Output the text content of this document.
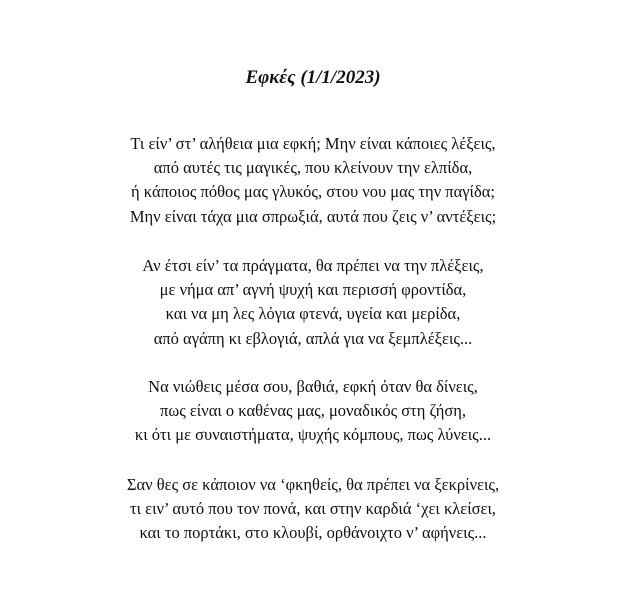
Εφκές (1/1/2023)
Τι είν’ στ’ αλήθεια μια εφκή; Μην είναι κάποιες λέξεις,
από αυτές τις μαγικές, που κλείνουν την ελπίδα,
ή κάποιος πόθος μας γλυκός, στου νου μας την παγίδα;
Μην είναι τάχα μια σπρωξιά, αυτά που ζεις ν’ αντέξεις;
Αν έτσι είν’ τα πράγματα, θα πρέπει να την πλέξεις,
με νήμα απ’ αγνή ψυχή και περισσή φροντίδα,
και να μη λες λόγια φτενά, υγεία και μερίδα,
από αγάπη κι εβλογιά, απλά για να ξεμπλέξεις...
Να νιώθεις μέσα σου, βαθιά, εφκή όταν θα δίνεις,
πως είναι ο καθένας μας, μοναδικός στη ζήση,
κι ότι με συναιστήματα, ψυχής κόμπους, πως λύνεις...
Σαν θες σε κάποιον να ‘φκηθείς, θα πρέπει να ξεκρίνεις,
τι ειν’ αυτό που τον πονά, και στην καρδιά ‘χει κλείσει,
και το πορτάκι, στο κλουβί, ορθάνοιχτο ν’ αφήνεις...
